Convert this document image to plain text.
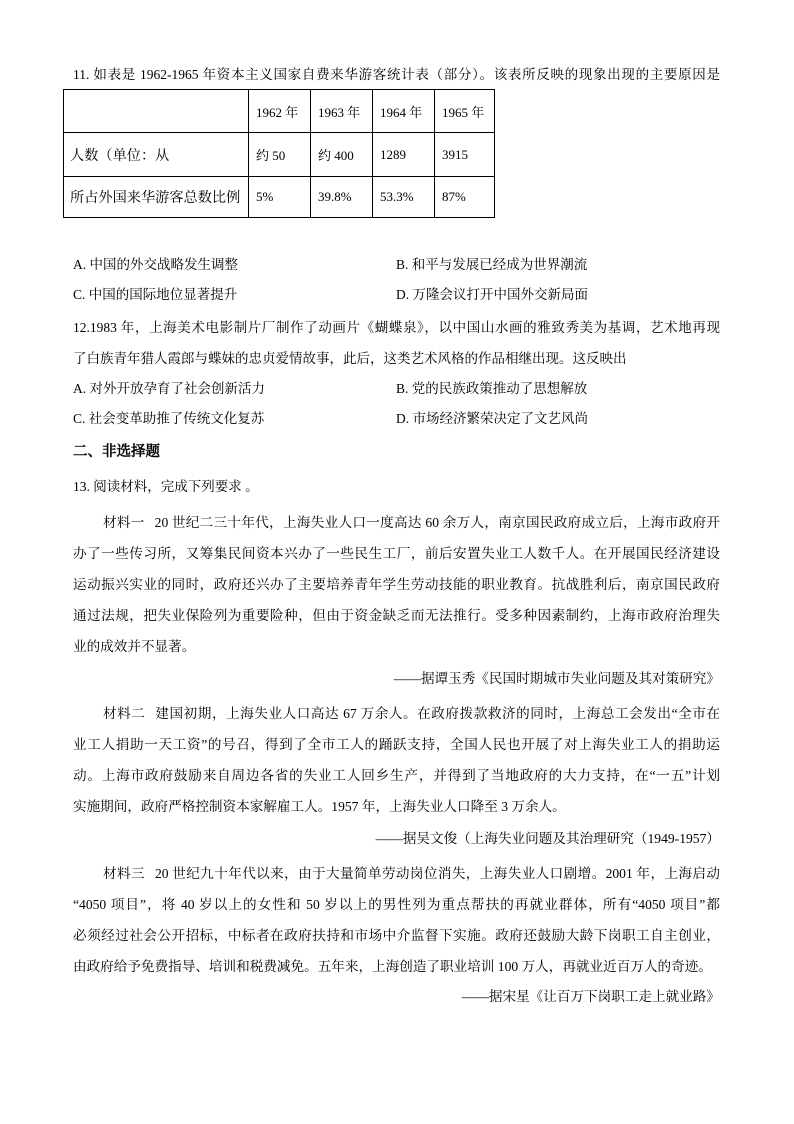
11. 如表是 1962-1965 年资本主义国家自费来华游客统计表（部分）。该表所反映的现象出现的主要原因是
	1962 年	1963 年	1964 年	1965 年
人数（单位：从	约 50	约 400	1289	3915
所占外国来华游客总数比例	5%	39.8%	53.3%	87%
A. 中国的外交战略发生调整	B. 和平与发展已经成为世界潮流
C. 中国的国际地位显著提升	D. 万隆会议打开中国外交新局面
12.1983 年，上海美术电影制片厂制作了动画片《蝴蝶泉》，以中国山水画的雅致秀美为基调，艺术地再现
了白族青年猎人霞郎与蝶妹的忠贞爱情故事，此后，这类艺术风格的作品相继出现。这反映出
A. 对外开放孕育了社会创新活力	B. 党的民族政策推动了思想解放
C. 社会变革助推了传统文化复苏	D. 市场经济繁荣决定了文艺风尚
二、非选择题
13. 阅读材料，完成下列要求 。
材料一 20 世纪二三十年代，上海失业人口一度高达 60 余万人，南京国民政府成立后，上海市政府开
办了一些传习所，又筹集民间资本兴办了一些民生工厂，前后安置失业工人数千人。在开展国民经济建设
运动振兴实业的同时，政府还兴办了主要培养青年学生劳动技能的职业教育。抗战胜利后，南京国民政府
通过法规，把失业保险列为重要险种，但由于资金缺乏而无法推行。受多种因素制约，上海市政府治理失
业的成效并不显著。
——据谭玉秀《民国时期城市失业问题及其对策研究》
材料二 建国初期，上海失业人口高达 67 万余人。在政府拨款救济的同时，上海总工会发出“全市在
业工人捐助一天工资”的号召，得到了全市工人的踊跃支持，全国人民也开展了对上海失业工人的捐助运
动。上海市政府鼓励来自周边各省的失业工人回乡生产，并得到了当地政府的大力支持，在“一五”计划
实施期间，政府严格控制资本家解雇工人。1957 年，上海失业人口降至 3 万余人。
——据吴文俊（上海失业问题及其治理研究（1949-1957）
材料三 20 世纪九十年代以来，由于大量简单劳动岗位消失，上海失业人口剧增。2001 年，上海启动
“4050 项目”，将 40 岁以上的女性和 50 岁以上的男性列为重点帮扶的再就业群体，所有“4050 项目”都
必须经过社会公开招标，中标者在政府扶持和市场中介监督下实施。政府还鼓励大龄下岗职工自主创业，
由政府给予免费指导、培训和税费减免。五年来，上海创造了职业培训 100 万人，再就业近百万人的奇迹。
——据宋星《让百万下岗职工走上就业路》
